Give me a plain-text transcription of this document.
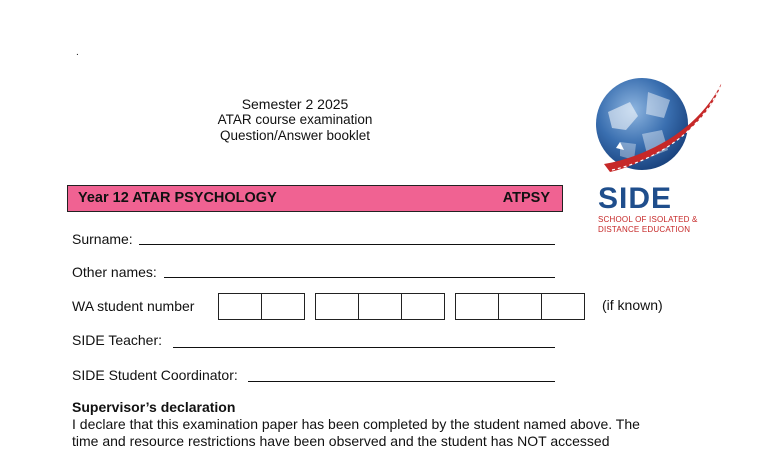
.
Semester 2 2025
ATAR course examination
Question/Answer booklet
Year 12 ATAR PSYCHOLOGY	ATPSY
Surname:
Other names:
WA student number	(if known)
SIDE Teacher:
SIDE Student Coordinator:
SIDE
SCHOOL OF ISOLATED &
DISTANCE EDUCATION
Supervisor’s declaration
I declare that this examination paper has been completed by the student named above. The
time and resource restrictions have been observed and the student has NOT accessed
